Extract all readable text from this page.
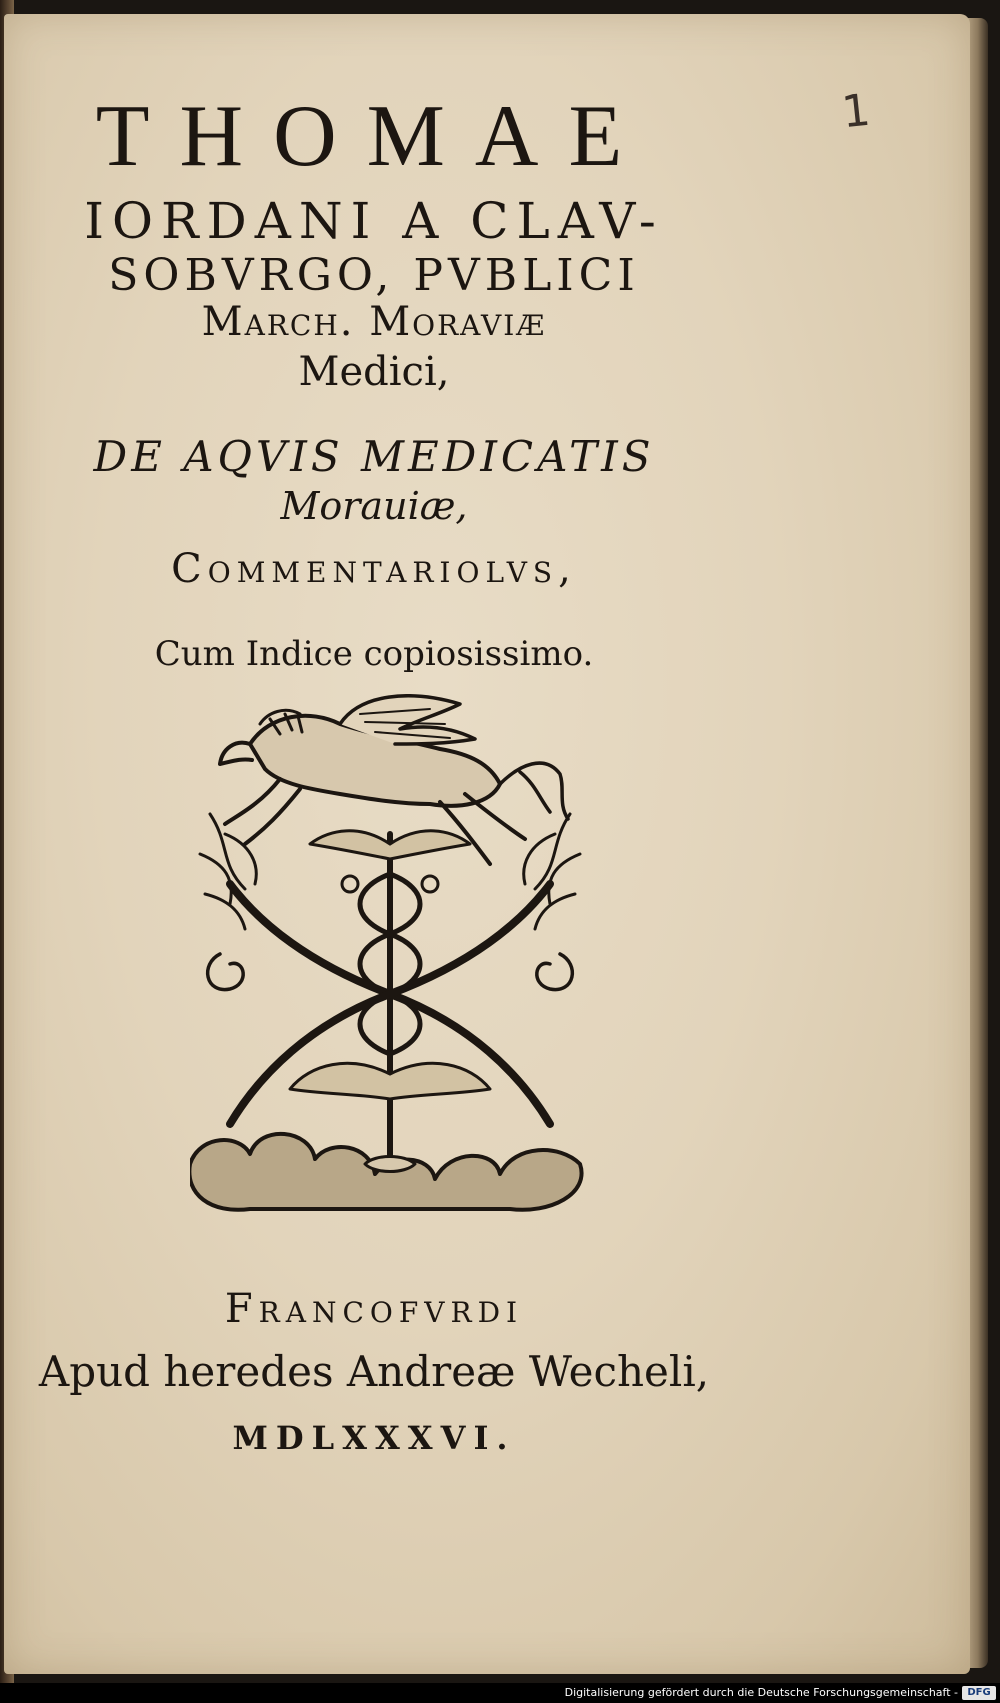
⠀
1
THOMAE
IORDANI A CLAV-
SOBVRGO, PVBLICI
March. Moraviæ
Medici,
DE AQVIS MEDICATIS
Morauiæ,
Commentariolvs,
Cum Indice copiosissimo.
Francofvrdi
Apud heredes Andreæ Wecheli,
MDLXXXVI.
⠀
Digitalisierung gefördert durch die Deutsche Forschungsgemeinschaft - DFG
